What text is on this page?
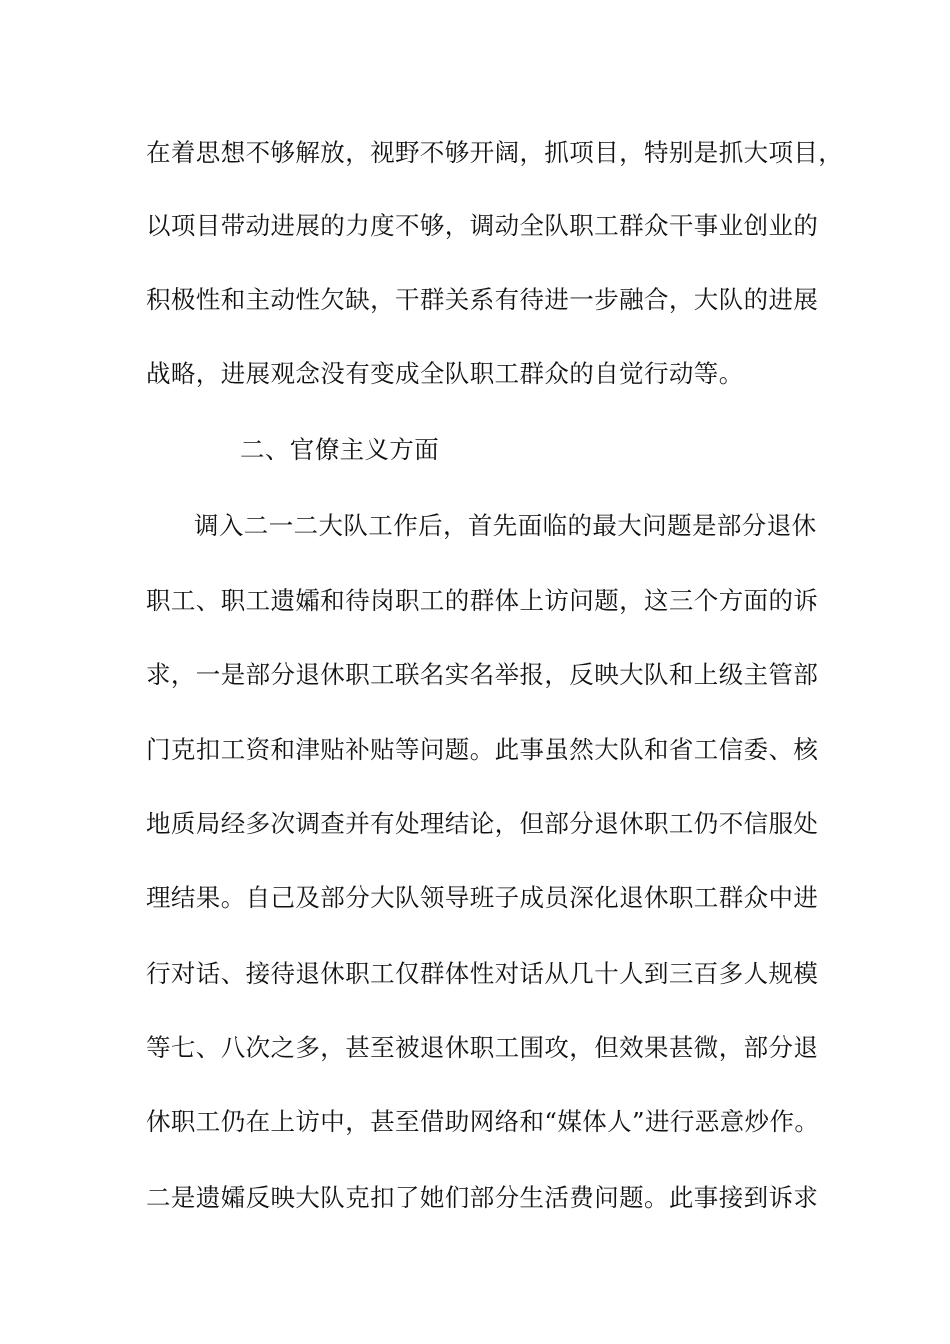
在着思想不够解放，视野不够开阔，抓项目，特别是抓大项目，
以项目带动进展的力度不够，调动全队职工群众干事业创业的
积极性和主动性欠缺，干群关系有待进一步融合，大队的进展
战略，进展观念没有变成全队职工群众的自觉行动等。
二、官僚主义方面
调入二一二大队工作后，首先面临的最大问题是部分退休
职工、职工遗孀和待岗职工的群体上访问题，这三个方面的诉
求，一是部分退休职工联名实名举报，反映大队和上级主管部
门克扣工资和津贴补贴等问题。此事虽然大队和省工信委、核
地质局经多次调查并有处理结论，但部分退休职工仍不信服处
理结果。自己及部分大队领导班子成员深化退休职工群众中进
行对话、接待退休职工仅群体性对话从几十人到三百多人规模
等七、八次之多，甚至被退休职工围攻，但效果甚微，部分退
休职工仍在上访中，甚至借助网络和“媒体人”进行恶意炒作。
二是遗孀反映大队克扣了她们部分生活费问题。此事接到诉求
